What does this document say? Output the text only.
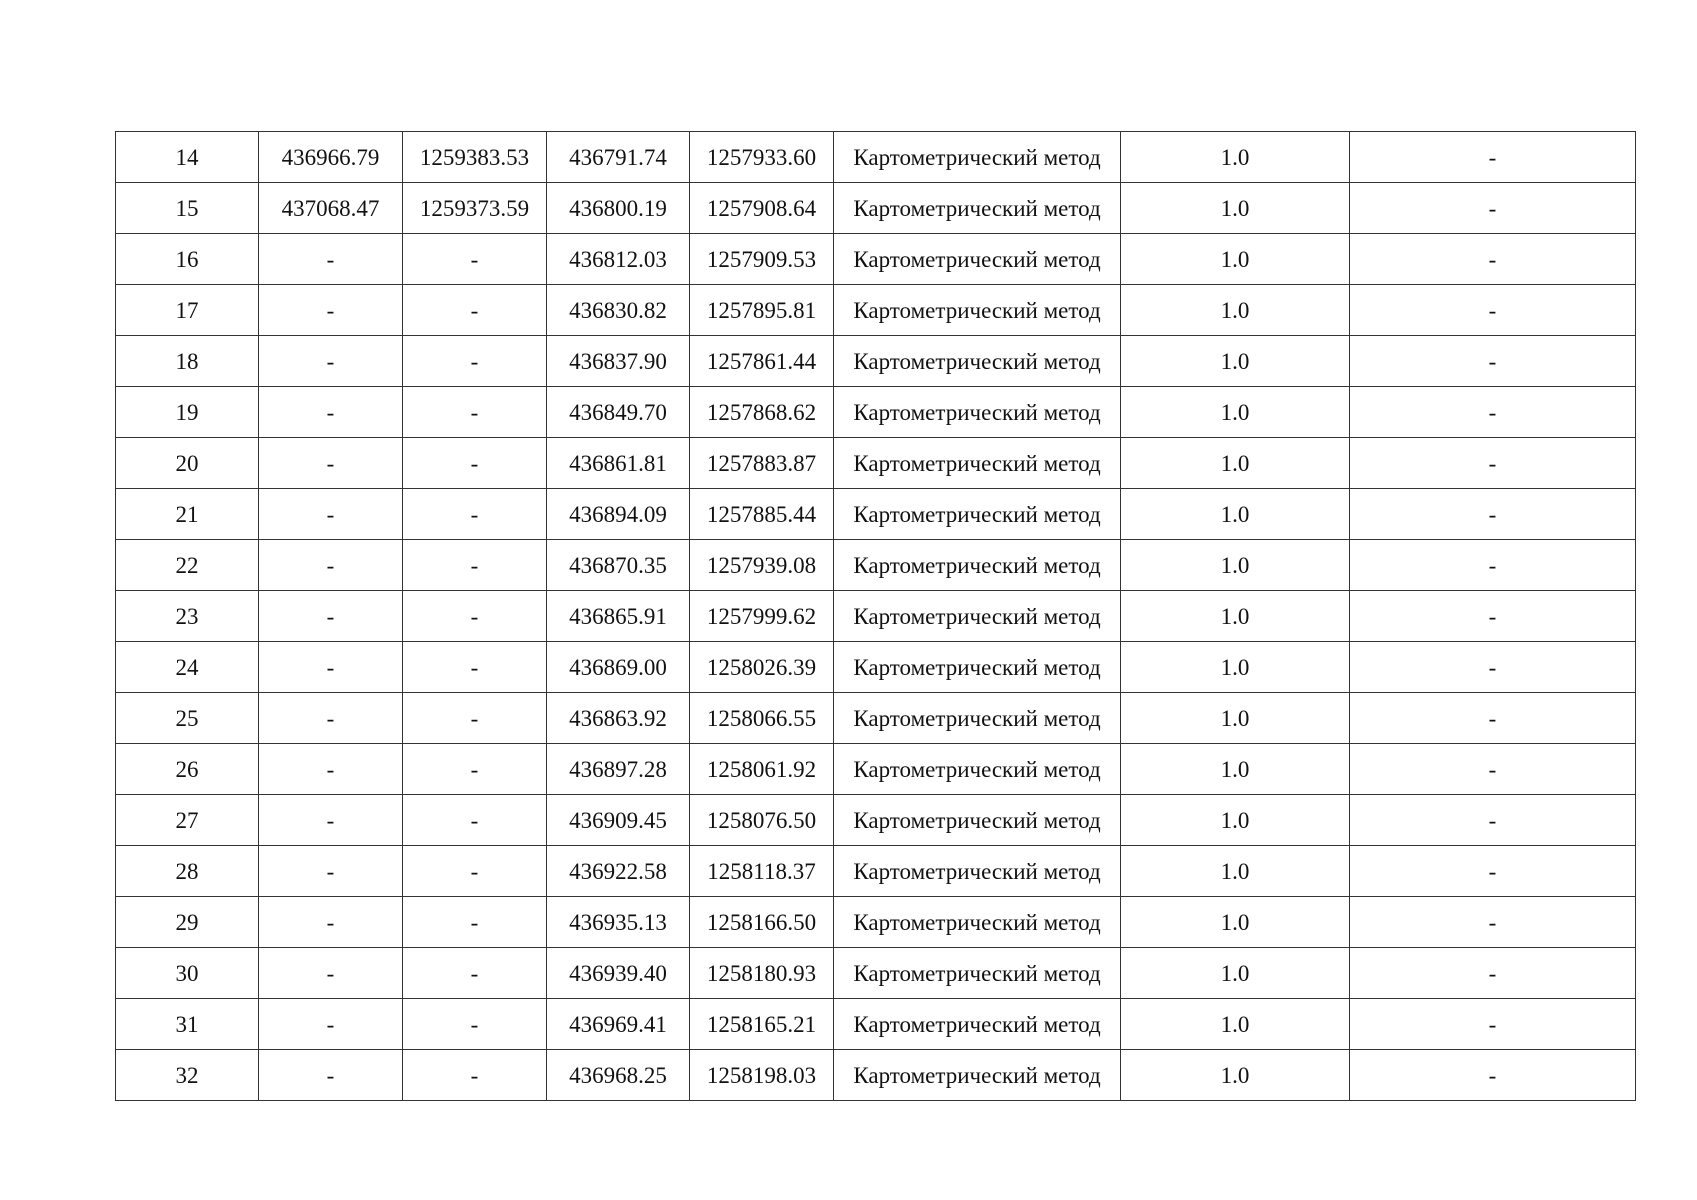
14	436966.79	1259383.53	436791.74	1257933.60	Картометрический метод	1.0	-
15	437068.47	1259373.59	436800.19	1257908.64	Картометрический метод	1.0	-
16	-	-	436812.03	1257909.53	Картометрический метод	1.0	-
17	-	-	436830.82	1257895.81	Картометрический метод	1.0	-
18	-	-	436837.90	1257861.44	Картометрический метод	1.0	-
19	-	-	436849.70	1257868.62	Картометрический метод	1.0	-
20	-	-	436861.81	1257883.87	Картометрический метод	1.0	-
21	-	-	436894.09	1257885.44	Картометрический метод	1.0	-
22	-	-	436870.35	1257939.08	Картометрический метод	1.0	-
23	-	-	436865.91	1257999.62	Картометрический метод	1.0	-
24	-	-	436869.00	1258026.39	Картометрический метод	1.0	-
25	-	-	436863.92	1258066.55	Картометрический метод	1.0	-
26	-	-	436897.28	1258061.92	Картометрический метод	1.0	-
27	-	-	436909.45	1258076.50	Картометрический метод	1.0	-
28	-	-	436922.58	1258118.37	Картометрический метод	1.0	-
29	-	-	436935.13	1258166.50	Картометрический метод	1.0	-
30	-	-	436939.40	1258180.93	Картометрический метод	1.0	-
31	-	-	436969.41	1258165.21	Картометрический метод	1.0	-
32	-	-	436968.25	1258198.03	Картометрический метод	1.0	-
